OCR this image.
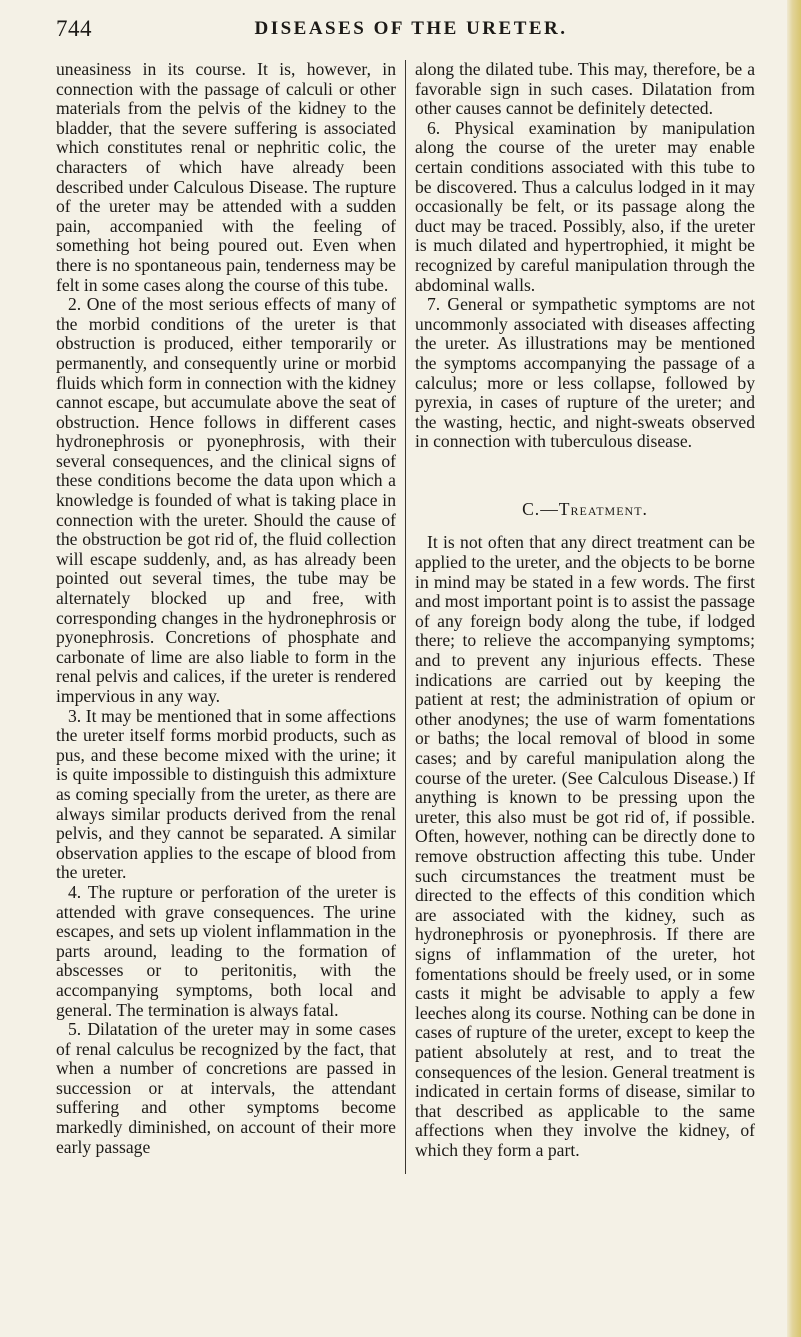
744	DISEASES OF THE URETER.

uneasiness in its course. It is, however, in connection with the passage of calculi or other materials from the pelvis of the kidney to the bladder, that the severe suffering is associated which constitutes renal or nephritic colic, the characters of which have already been described under Calculous Disease. The rupture of the ureter may be attended with a sudden pain, accompanied with the feeling of something hot being poured out. Even when there is no spontaneous pain, tenderness may be felt in some cases along the course of this tube.

2. One of the most serious effects of many of the morbid conditions of the ureter is that obstruction is produced, either temporarily or permanently, and consequently urine or morbid fluids which form in connection with the kidney cannot escape, but accumulate above the seat of obstruction. Hence follows in different cases hydronephrosis or pyonephrosis, with their several consequences, and the clinical signs of these conditions become the data upon which a knowledge is founded of what is taking place in connection with the ureter. Should the cause of the obstruction be got rid of, the fluid collection will escape suddenly, and, as has already been pointed out several times, the tube may be alternately blocked up and free, with corresponding changes in the hydronephrosis or pyonephrosis. Concretions of phosphate and carbonate of lime are also liable to form in the renal pelvis and calices, if the ureter is rendered impervious in any way.

3. It may be mentioned that in some affections the ureter itself forms morbid products, such as pus, and these become mixed with the urine; it is quite impossible to distinguish this admixture as coming specially from the ureter, as there are always similar products derived from the renal pelvis, and they cannot be separated. A similar observation applies to the escape of blood from the ureter.

4. The rupture or perforation of the ureter is attended with grave consequences. The urine escapes, and sets up violent inflammation in the parts around, leading to the formation of abscesses or to peritonitis, with the accompanying symptoms, both local and general. The termination is always fatal.

5. Dilatation of the ureter may in some cases of renal calculus be recognized by the fact, that when a number of concretions are passed in succession or at intervals, the attendant suffering and other symptoms become markedly diminished, on account of their more early passage

along the dilated tube. This may, therefore, be a favorable sign in such cases. Dilatation from other causes cannot be definitely detected.

6. Physical examination by manipulation along the course of the ureter may enable certain conditions associated with this tube to be discovered. Thus a calculus lodged in it may occasionally be felt, or its passage along the duct may be traced. Possibly, also, if the ureter is much dilated and hypertrophied, it might be recognized by careful manipulation through the abdominal walls.

7. General or sympathetic symptoms are not uncommonly associated with diseases affecting the ureter. As illustrations may be mentioned the symptoms accompanying the passage of a calculus; more or less collapse, followed by pyrexia, in cases of rupture of the ureter; and the wasting, hectic, and night-sweats observed in connection with tuberculous disease.

C.—Treatment.

It is not often that any direct treatment can be applied to the ureter, and the objects to be borne in mind may be stated in a few words. The first and most important point is to assist the passage of any foreign body along the tube, if lodged there; to relieve the accompanying symptoms; and to prevent any injurious effects. These indications are carried out by keeping the patient at rest; the administration of opium or other anodynes; the use of warm fomentations or baths; the local removal of blood in some cases; and by careful manipulation along the course of the ureter. (See Calculous Disease.) If anything is known to be pressing upon the ureter, this also must be got rid of, if possible. Often, however, nothing can be directly done to remove obstruction affecting this tube. Under such circumstances the treatment must be directed to the effects of this condition which are associated with the kidney, such as hydronephrosis or pyonephrosis. If there are signs of inflammation of the ureter, hot fomentations should be freely used, or in some casts it might be advisable to apply a few leeches along its course. Nothing can be done in cases of rupture of the ureter, except to keep the patient absolutely at rest, and to treat the consequences of the lesion. General treatment is indicated in certain forms of disease, similar to that described as applicable to the same affections when they involve the kidney, of which they form a part.
